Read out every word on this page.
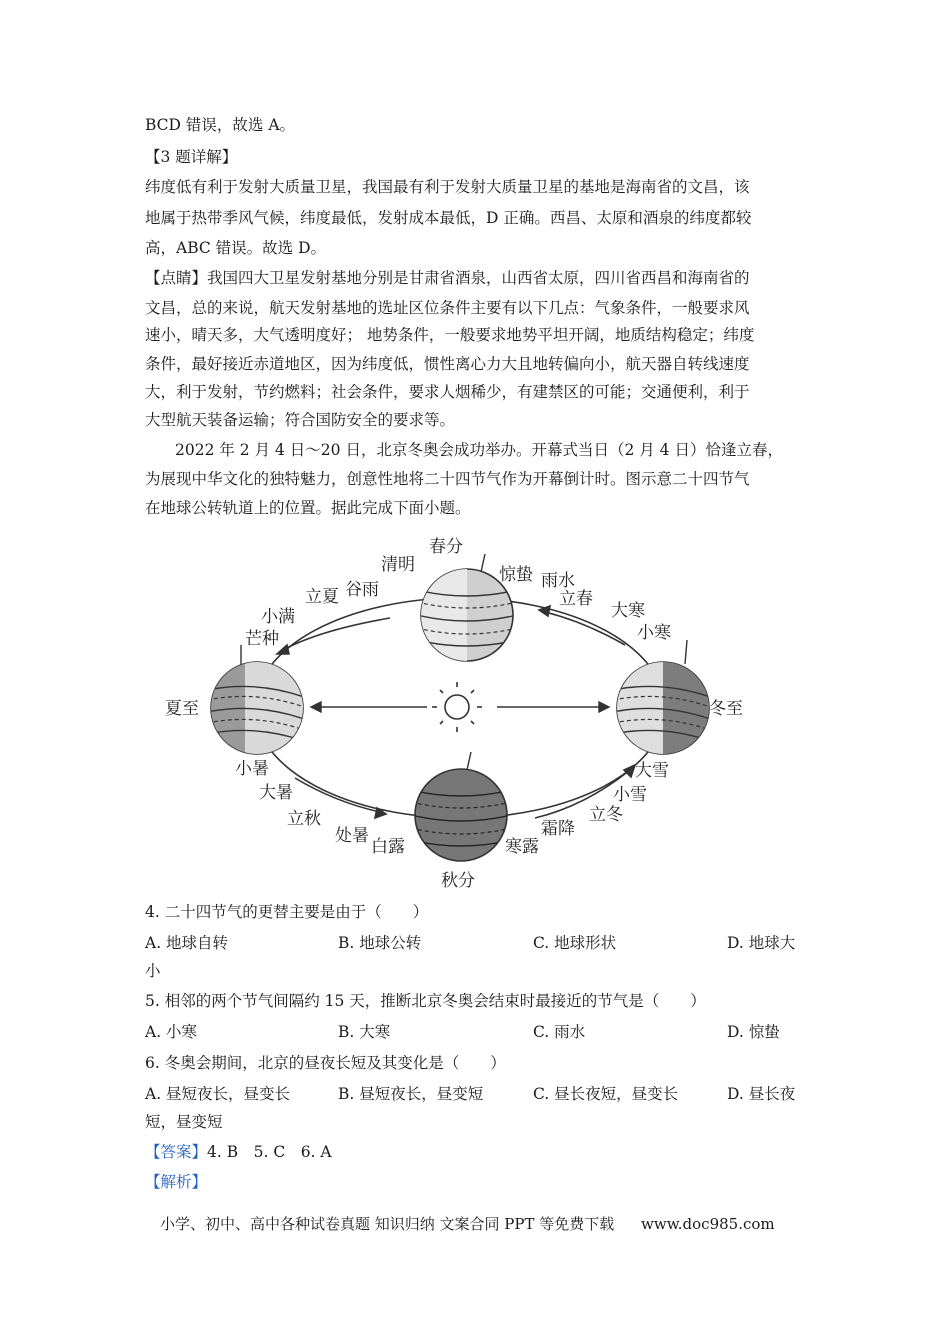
BCD 错误，故选 A。
【3 题详解】
纬度低有利于发射大质量卫星，我国最有利于发射大质量卫星的基地是海南省的文昌，该
地属于热带季风气候，纬度最低，发射成本最低，D 正确。西昌、太原和酒泉的纬度都较
高，ABC 错误。故选 D。
【点睛】我国四大卫星发射基地分别是甘肃省酒泉，山西省太原，四川省西昌和海南省的
文昌，总的来说，航天发射基地的选址区位条件主要有以下几点：气象条件，一般要求风
速小，晴天多，大气透明度好； 地势条件，一般要求地势平坦开阔，地质结构稳定；纬度
条件，最好接近赤道地区，因为纬度低，惯性离心力大且地转偏向小，航天器自转线速度
大，利于发射，节约燃料；社会条件，要求人烟稀少，有建禁区的可能；交通便利，利于
大型航天装备运输；符合国防安全的要求等。
2022 年 2 月 4 日～20 日，北京冬奥会成功举办。开幕式当日（2 月 4 日）恰逢立春，
为展现中华文化的独特魅力，创意性地将二十四节气作为开幕倒计时。图示意二十四节气
在地球公转轨道上的位置。据此完成下面小题。
春分
清明
谷雨
立夏
小满
芒种
夏至
小暑
大暑
立秋
处暑
白露
秋分
寒露
霜降
立冬
小雪
大雪
冬至
小寒
大寒
立春
雨水
惊蛰
4. 二十四节气的更替主要是由于（　　）
A. 地球自转	B. 地球公转	C. 地球形状	D. 地球大
小
5. 相邻的两个节气间隔约 15 天，推断北京冬奥会结束时最接近的节气是（　　）
A. 小寒	B. 大寒	C. 雨水	D. 惊蛰
6. 冬奥会期间，北京的昼夜长短及其变化是（　　）
A. 昼短夜长，昼变长	B. 昼短夜长，昼变短	C. 昼长夜短，昼变长	D. 昼长夜
短，昼变短
【答案】4. B　5. C　6. A
【解析】
小学、初中、高中各种试卷真题 知识归纳 文案合同 PPT 等免费下载 www.doc985.com
